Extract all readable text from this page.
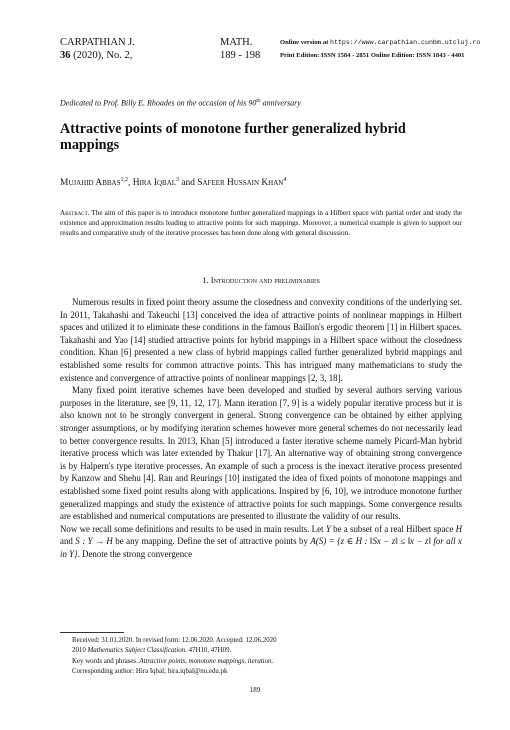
CARPATHIAN J.
36 (2020), No. 2,
MATH.
189 - 198
Online version at https://www.carpathian.cunbm.utcluj.ro
Print Edition: ISSN 1584 - 2851 Online Edition: ISSN 1843 - 4401
Dedicated to Prof. Billy E. Rhoades on the occasion of his 90th anniversary
Attractive points of monotone further generalized hybrid mappings
Mujahid Abbas$^{1,2}$, Hira Iqbal$^3$ and Safeer Hussain Khan$^4$
Abstract. The aim of this paper is to introduce monotone further generalized mappings in a Hilbert space with partial order and study the existence and approximation results leading to attractive points for such mappings. Moreover, a numerical example is given to support our results and comparative study of the iterative processes has been done along with general discussion.
1. Introduction and preliminaries

Numerous results in fixed point theory assume the closedness and convexity conditions of the underlying set. In 2011, Takahashi and Takeuchi [13] conceived the idea of attractive points of nonlinear mappings in Hilbert spaces and utilized it to eliminate these conditions in the famous Baillon's ergodic theorem [1] in Hilbert spaces. Takahashi and Yao [14] studied attractive points for hybrid mappings in a Hilbert space without the closedness condition. Khan [6] presented a new class of hybrid mappings called further generalized hybrid mappings and established some results for common attractive points. This has intrigued many mathematicians to study the existence and convergence of attractive points of nonlinear mappings [2, 3, 18].

Many fixed point iterative schemes have been developed and studied by several authors serving various purposes in the literature, see [9, 11, 12, 17]. Mann iteration [7, 9] is a widely popular iterative process but it is also known not to be strongly convergent in general. Strong convergence can be obtained by either applying stronger assumptions, or by modifying iteration schemes however more general schemes do not necessarily lead to better convergence results. In 2013, Khan [5] introduced a faster iterative scheme namely Picard-Man hybrid iterative process which was later extended by Thakur [17]. An alternative way of obtaining strong convergence is by Halpern's type iterative processes. An example of such a process is the inexact iterative process presented by Kanzow and Shehu [4]. Ran and Reurings [10] instigated the idea of fixed points of monotone mappings and established some fixed point results along with applications. Inspired by [6, 10], we introduce monotone further generalized mappings and study the existence of attractive points for such mappings. Some convergence results are established and numerical computations are presented to illustrate the validity of our results.

Now we recall some definitions and results to be used in main results. Let Y be a subset of a real Hilbert space H and S : Y → H be any mapping. Define the set of attractive points by A(S) = {z ∈ H : ‖Sx − z‖ ≤ ‖x − z‖ for all x in Y}. Denote the strong convergence

Received: 31.01.2020. In revised form: 12.06.2020. Accepted: 12.06.2020
2010 Mathematics Subject Classification. 47H10, 47H09.
Key words and phrases. Attractive points, monotone mappings, iteration.
Corresponding author: Hira Iqbal; hira.iqbal@nu.edu.pk
189
